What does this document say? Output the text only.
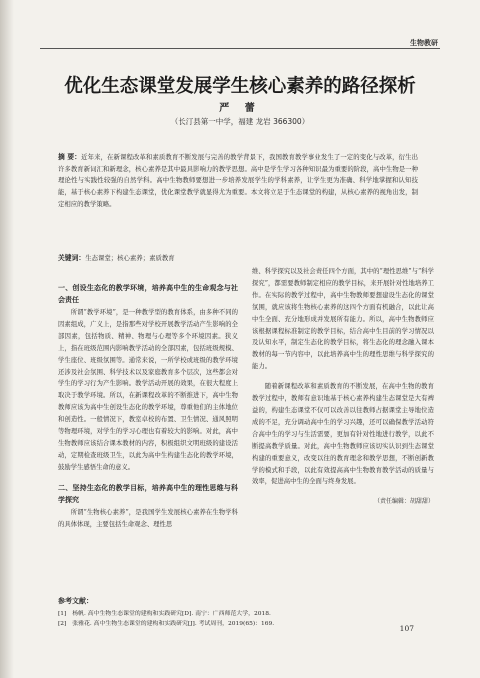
生物教研
优化生态课堂发展学生核心素养的路径探析
严 蕾
（长汀县第一中学，福建 龙岩 366300）
摘 要：近年来，在新课程改革和素质教育不断发展与完善的教学背景下，我国教育教学事业发生了一定的变化与改革，衍生出许多教育新词汇和新理念，核心素养是其中最具影响力的教学思想。高中是学生学习各种知识最为重要的阶段，高中生物是一种理论性与实践性较强的自然学科。高中生物教师要想进一步培养发展学生的学科素养，让学生更为准确、科学地掌握和认知技能，基于核心素养下构建生态课堂，优化课堂教学就显得尤为重要。本文将立足于生态课堂的构建，从核心素养的视角出发，制定相应的教学策略。
关键词：生态课堂；核心素养；素质教育
一、创设生态化的教学环境，培养高中生的生命观念与社会责任

所谓“教学环境”，是一种教学型的教育体系，由多种不同的因素组成，广义上，是指那些对学校开展教学活动产生影响的全部因素，包括物质、精神、物理与心理等多个环境因素。狭义上，指在班级范围内影响教学活动的全部因素，包括班级规模、学生座位、班级氛围等。通常来说，一所学校或班级的教学环境还涉及社会氛围、科学技术以及家庭教育多个层次，这些都会对学生的学习行为产生影响。教学活动开展的效果，在很大程度上取决于教学环境。所以，在新课程改革的不断推进下，高中生物教师应该为高中生创设生态化的教学环境，尊重他们的主体地位和创造性。一般情况下，教室卓校的布置、卫生情况、通风照明等物理环境，对学生的学习心理也有着较大的影响。对此，高中生物教师应该结合课本教材的内容，积极组织文明班级的建设活动，定期检查班级卫生，以此为高中生构建生态化的教学环境，鼓励学生感悟生命的意义。

二、坚持生态化的教学目标，培养高中生的理性思维与科学探究

所谓“生物核心素养”，是我国学生发展核心素养在生物学科的具体体现，主要包括生命观念、理性思

维、科学探究以及社会责任四个方面，其中的“理性思维”与“科学探究”，都需要教师制定相应的教学目标，来开展针对性地培养工作。在实际的教学过程中，高中生物教师要想建设生态化的课堂氛围，就应该将生物核心素养的这四个方面有机融合，以此让高中生全面、充分地形成并发展所有能力。所以，高中生物教师应该根据课程标准制定的教学目标，结合高中生目前的学习情况以及认知水平，制定生态化的教学目标，将生态化的理念融入课本教材的每一节内容中，以此培养高中生的理性思维与科学探究的能力。

随着新课程改革和素质教育的不断发展，在高中生物的教育教学过程中，教师有意识地基于核心素养构建生态课堂是大有裨益的，构建生态课堂不仅可以改善以往教师占据课堂主导地位造成的不足，充分调动高中生的学习兴趣，还可以确保教学活动符合高中生的学习与生活需要，更加有针对性地进行教学，以此不断提高教学质量。对此，高中生物教师应该切实认识到生态课堂构建的重要意义，改变以往的教育理念和教学思想，不断创新教学的模式和手段，以此有效提高高中生物教育教学活动的质量与效率，促进高中生的全面与终身发展。

（责任编辑：胡甜甜）
参考文献：
[1]　杨帆. 高中生物生态课堂的建构和实践研究[D]. 南宁：广西师范大学，2018.
[2]　张雅花. 高中生物生态课堂的建构和实践研究[J]. 考试周刊，2019(65)：169.	107
